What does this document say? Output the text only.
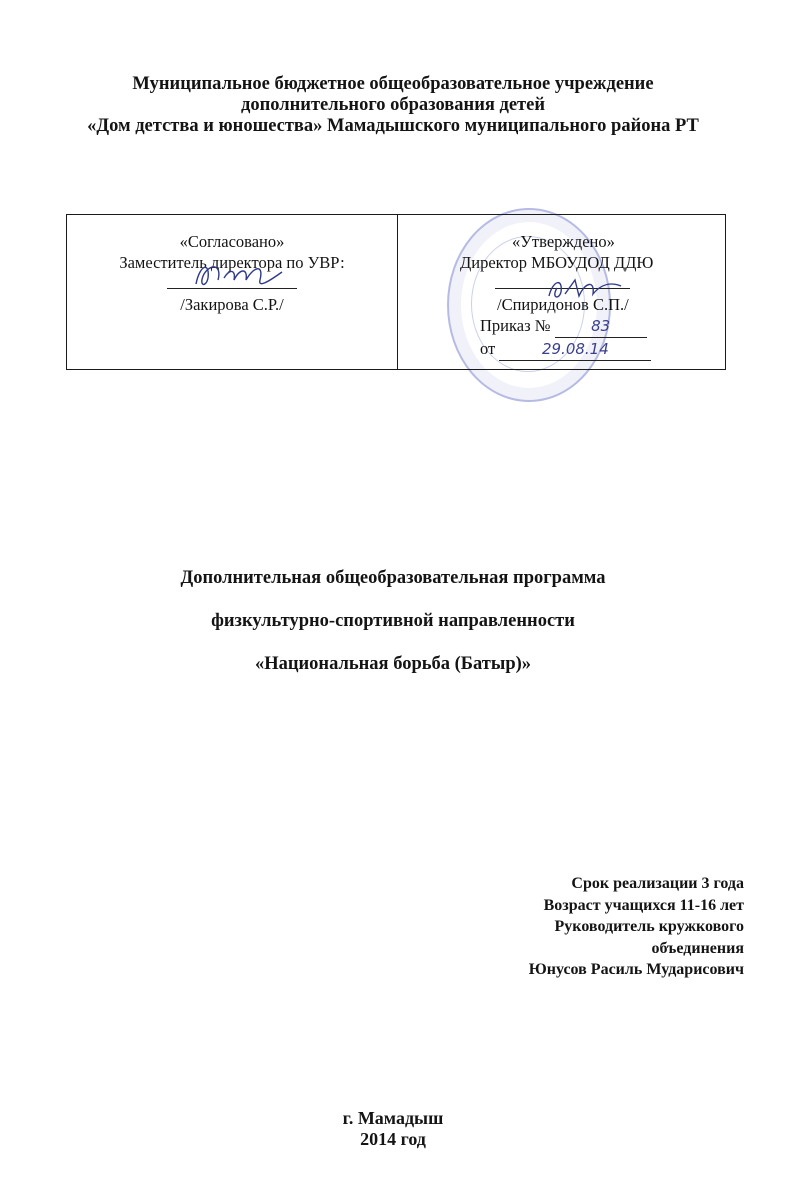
Муниципальное бюджетное общеобразовательное учреждение
дополнительного образования детей
«Дом детства и юношества» Мамадышского муниципального района РТ
«Согласовано»
Заместитель директора по УВР:
/Закирова С.Р./
«Утверждено»
Директор МБОУДОД ДДЮ
/Спиридонов С.П./
Приказ №	83
от	29.08.14
Дополнительная общеобразовательная программа
физкультурно-спортивной направленности
«Национальная борьба (Батыр)»
Срок реализации 3 года
Возраст учащихся 11-16 лет
Руководитель кружкового
объединения
Юнусов Расиль Мударисович
г. Мамадыш
2014 год
